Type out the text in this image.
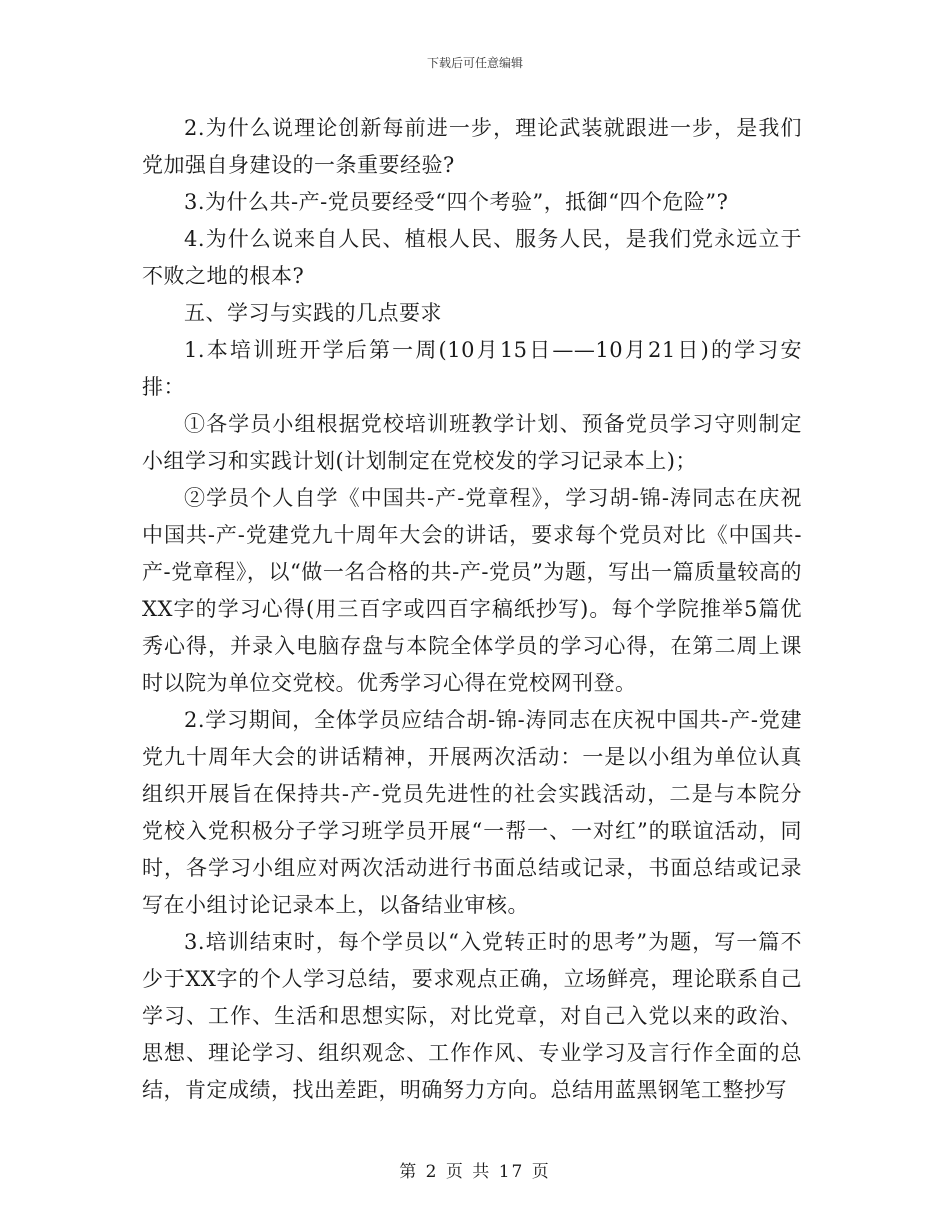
下载后可任意编辑

2.为什么说理论创新每前进一步，理论武装就跟进一步，是我们党加强自身建设的一条重要经验?

3.为什么共-产-党员要经受“四个考验”，抵御“四个危险”?

4.为什么说来自人民、植根人民、服务人民，是我们党永远立于不败之地的根本?

五、学习与实践的几点要求

1.本培训班开学后第一周(10月15日——10月21日)的学习安排：

①各学员小组根据党校培训班教学计划、预备党员学习守则制定小组学习和实践计划(计划制定在党校发的学习记录本上)；

②学员个人自学《中国共-产-党章程》，学习胡-锦-涛同志在庆祝中国共-产-党建党九十周年大会的讲话，要求每个党员对比《中国共-产-党章程》，以“做一名合格的共-产-党员”为题，写出一篇质量较高的XX字的学习心得(用三百字或四百字稿纸抄写)。每个学院推举5篇优秀心得，并录入电脑存盘与本院全体学员的学习心得，在第二周上课时以院为单位交党校。优秀学习心得在党校网刊登。

2.学习期间，全体学员应结合胡-锦-涛同志在庆祝中国共-产-党建党九十周年大会的讲话精神，开展两次活动：一是以小组为单位认真组织开展旨在保持共-产-党员先进性的社会实践活动，二是与本院分党校入党积极分子学习班学员开展“一帮一、一对红”的联谊活动，同时，各学习小组应对两次活动进行书面总结或记录，书面总结或记录写在小组讨论记录本上，以备结业审核。

3.培训结束时，每个学员以“入党转正时的思考”为题，写一篇不少于XX字的个人学习总结，要求观点正确，立场鲜亮，理论联系自己学习、工作、生活和思想实际，对比党章，对自己入党以来的政治、思想、理论学习、组织观念、工作作风、专业学习及言行作全面的总结，肯定成绩，找出差距，明确努力方向。总结用蓝黑钢笔工整抄写

第 2 页 共 17 页
